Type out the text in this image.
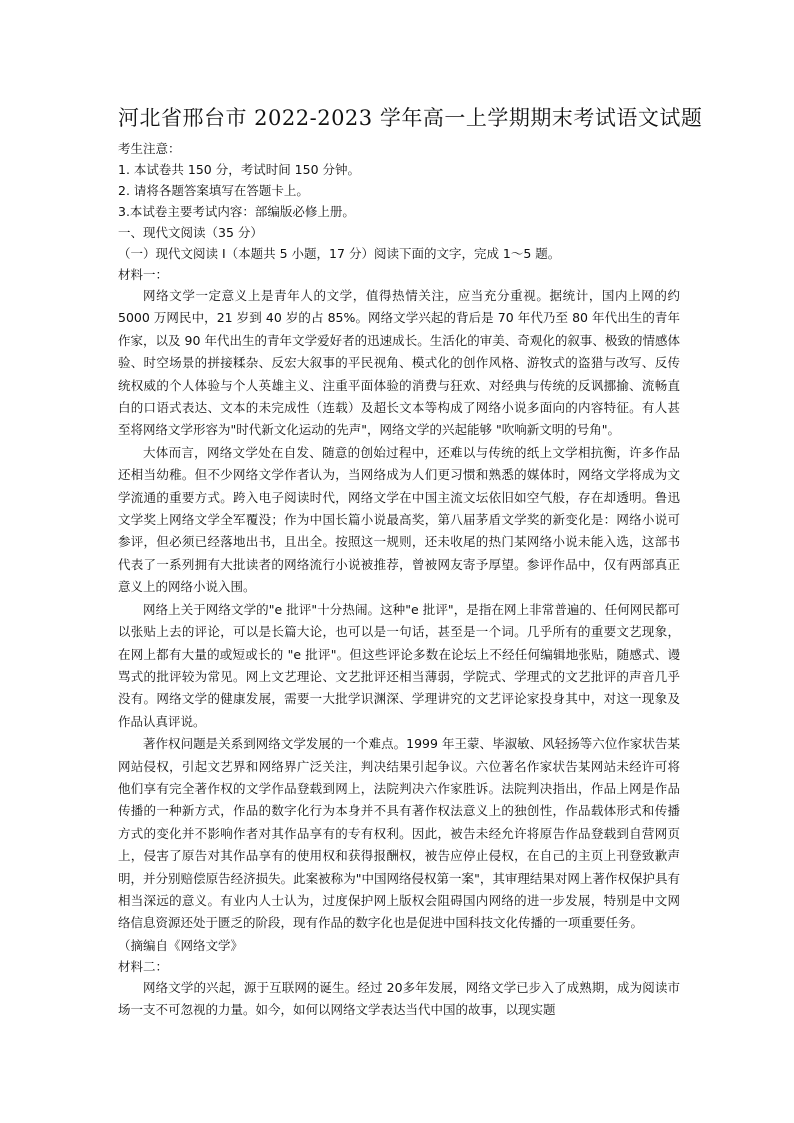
河北省邢台市 2022-2023 学年高一上学期期末考试语文试题

考生注意：

1. 本试卷共 150 分，考试时间 150 分钟。

2. 请将各题答案填写在答题卡上。

3.本试卷主要考试内容：部编版必修上册。

一、现代文阅读（35 分）

（一）现代文阅读 I（本题共 5 小题，17 分）阅读下面的文字，完成 1～5 题。

材料一：

网络文学一定意义上是青年人的文学，值得热情关注，应当充分重视。据统计，国内上网的约 5000 万网民中，21 岁到 40 岁的占 85%。网络文学兴起的背后是 70 年代乃至 80 年代出生的青年作家，以及 90 年代出生的青年文学爱好者的迅速成长。生活化的审美、奇观化的叙事、极致的情感体验、时空场景的拼接糅杂、反宏大叙事的平民视角、模式化的创作风格、游牧式的盗猎与改写、反传统权威的个人体验与个人英雄主义、注重平面体验的消费与狂欢、对经典与传统的反讽挪揄、流畅直白的口语式表达、文本的未完成性（连载）及超长文本等构成了网络小说多面向的内容特征。有人甚至将网络文学形容为"时代新文化运动的先声"，网络文学的兴起能够 "吹响新文明的号角"。

大体而言，网络文学处在自发、随意的创始过程中，还难以与传统的纸上文学相抗衡，许多作品还相当幼稚。但不少网络文学作者认为，当网络成为人们更习惯和熟悉的媒体时，网络文学将成为文学流通的重要方式。跨入电子阅读时代，网络文学在中国主流文坛依旧如空气般，存在却透明。鲁迅文学奖上网络文学全军覆没；作为中国长篇小说最高奖，第八届茅盾文学奖的新变化是：网络小说可参评，但必须已经落地出书，且出全。按照这一规则，还未收尾的热门某网络小说未能入选，这部书代表了一系列拥有大批读者的网络流行小说被推荐，曾被网友寄予厚望。参评作品中，仅有两部真正意义上的网络小说入围。

网络上关于网络文学的"e 批评"十分热闹。这种"e 批评"，是指在网上非常普遍的、任何网民都可以张贴上去的评论，可以是长篇大论，也可以是一句话，甚至是一个词。几乎所有的重要文艺现象，在网上都有大量的或短或长的 "e 批评"。但这些评论多数在论坛上不经任何编辑地张贴，随感式、谩骂式的批评较为常见。网上文艺理论、文艺批评还相当薄弱，学院式、学理式的文艺批评的声音几乎没有。网络文学的健康发展，需要一大批学识渊深、学理讲究的文艺评论家投身其中，对这一现象及作品认真评说。

著作权问题是关系到网络文学发展的一个难点。1999 年王蒙、毕淑敏、风轻扬等六位作家状告某网站侵权，引起文艺界和网络界广泛关注，判决结果引起争议。六位著名作家状告某网站未经许可将他们享有完全著作权的文学作品登载到网上，法院判决六作家胜诉。法院判决指出，作品上网是作品传播的一种新方式，作品的数字化行为本身并不具有著作权法意义上的独创性，作品载体形式和传播方式的变化并不影响作者对其作品享有的专有权利。因此，被告未经允许将原告作品登载到自营网页上，侵害了原告对其作品享有的使用权和获得报酬权，被告应停止侵权，在自己的主页上刊登致歉声明，并分别赔偿原告经济损失。此案被称为"中国网络侵权第一案"，其审理结果对网上著作权保护具有相当深远的意义。有业内人士认为，过度保护网上版权会阻碍国内网络的进一步发展，特别是中文网络信息资源还处于匮乏的阶段，现有作品的数字化也是促进中国科技文化传播的一项重要任务。

（摘编自《网络文学》

材料二：

网络文学的兴起，源于互联网的诞生。经过 20多年发展，网络文学已步入了成熟期，成为阅读市场一支不可忽视的力量。如今，如何以网络文学表达当代中国的故事，以现实题
